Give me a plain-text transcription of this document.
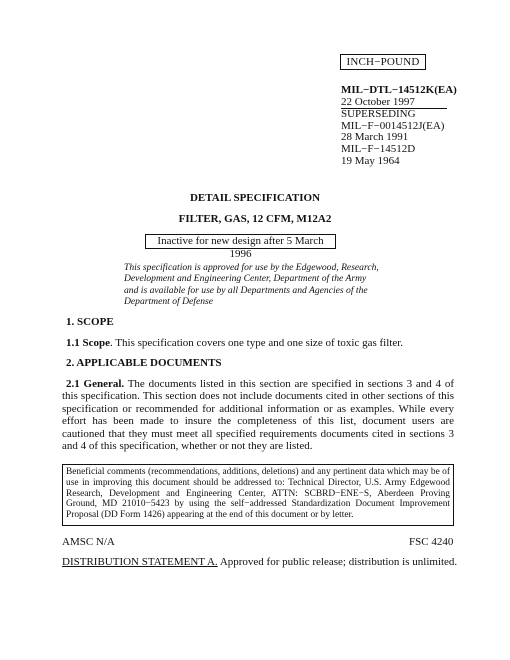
INCH−POUND
MIL−DTL−14512K(EA)
22 October 1997
SUPERSEDING
MIL−F−0014512J(EA)
28 March 1991
MIL−F−14512D
19 May 1964
DETAIL SPECIFICATION
FILTER, GAS, 12 CFM, M12A2
Inactive for new design after 5 March 1996
This specification is approved for use by the Edgewood, Research, Development and Engineering Center, Department of the Army and is available for use by all Departments and Agencies of the Department of Defense
1. SCOPE
1.1 Scope. This specification covers one type and one size of toxic gas filter.
2. APPLICABLE DOCUMENTS
2.1 General. The documents listed in this section are specified in sections 3 and 4 of this specification. This section does not include documents cited in other sections of this specification or recommended for additional information or as examples. While every effort has been made to insure the completeness of this list, document users are cautioned that they must meet all specified requirements documents cited in sections 3 and 4 of this specification, whether or not they are listed.
Beneficial comments (recommendations, additions, deletions) and any pertinent data which may be of use in improving this document should be addressed to: Technical Director, U.S. Army Edgewood Research, Development and Engineering Center, ATTN: SCBRD−ENE−S, Aberdeen Proving Ground, MD 21010−5423 by using the self−addressed Standardization Document Improvement Proposal (DD Form 1426) appearing at the end of this document or by letter.
AMSC N/A	FSC 4240
DISTRIBUTION STATEMENT A. Approved for public release; distribution is unlimited.
